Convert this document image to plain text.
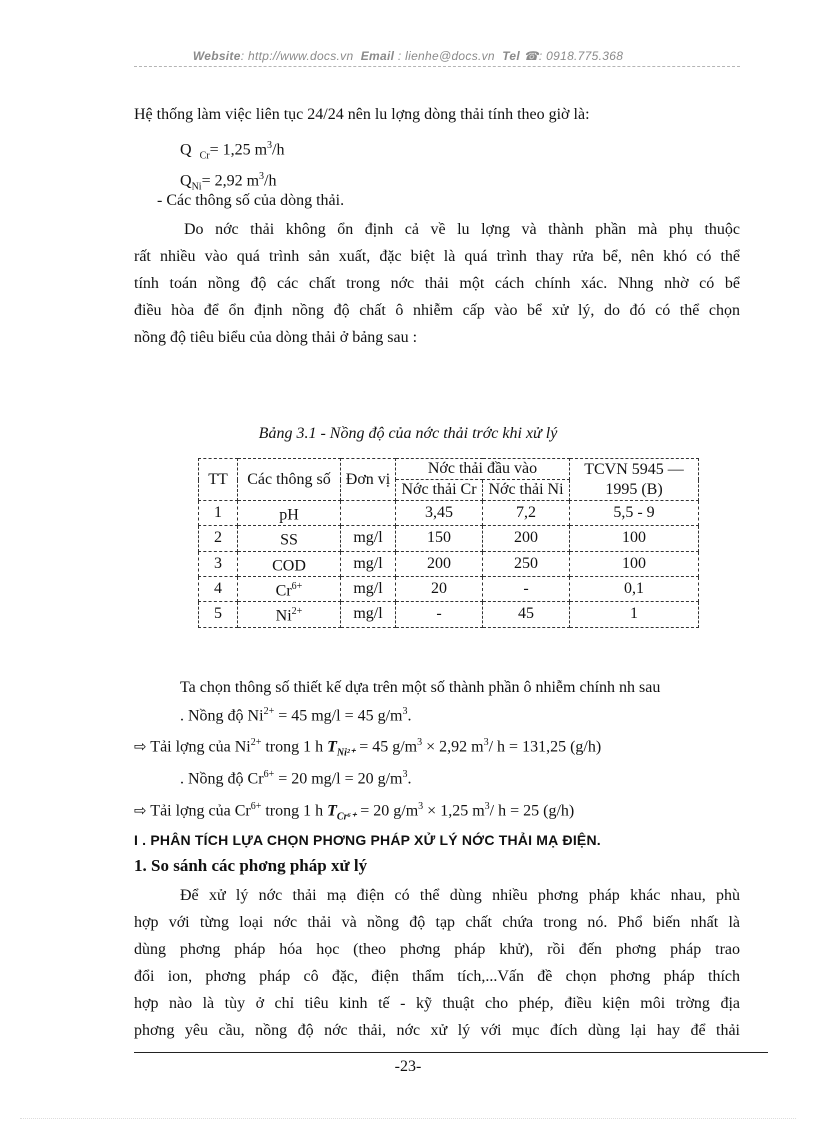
Website: http://www.docs.vn Email : lienhe@docs.vn Tel ☎: 0918.775.368
Hệ thống làm việc liên tục 24/24 nên lu lợng dòng thải tính theo giờ là:
Q $_{Cr}$= 1,25 $m^3/h$
$Q_{Ni}= 2,92$ $m^3/h$
- Các thông số của dòng thải.
Do nớc thải không ổn định cả về lu lợng và thành phần mà phụ thuộc
rất nhiều vào quá trình sản xuất, đặc biệt là quá trình thay rửa bể, nên khó có thể
tính toán nồng độ các chất trong nớc thải một cách chính xác. Nhng nhờ có bể
điều hòa để ổn định nồng độ chất ô nhiễm cấp vào bể xử lý, do đó có thể chọn
nồng độ tiêu biểu của dòng thải ở bảng sau :
Bảng 3.1 - Nồng độ của nớc thải trớc khi xử lý
TT	Các thông số	Đơn vị	Nớc thải đầu vào		TCVN 5945 — 1995 (B)
			Nớc thải Cr	Nớc thải Ni	
1	pH		3,45	7,2	5,5 - 9
2	SS	mg/l	150	200	100
3	COD	mg/l	200	250	100
4	$Cr^{6+}$	mg/l	20	-	0,1
5	$Ni^{2+}$	mg/l	-	45	1
Ta chọn thông số thiết kế dựa trên một số thành phần ô nhiễm chính nh sau
. Nồng độ $Ni^{2+} = 45$ mg/l = 45 $g/m^3$.
⇨ Tải lợng của $Ni^{2+}$ trong 1 h $T_{Ni^{2+}} = 45$ $g/m^3 \times 2,92$ $m^3/$ h = 131,25 (g/h)
. Nồng độ $Cr^{6+} = 20$ mg/l = 20 $g/m^3$.
⇨ Tải lợng của $Cr^{6+}$ trong 1 h $T_{Cr^{6+}} = 20$ $g/m^3 \times 1,25$ $m^3/$ h = 25 (g/h)
I . PHÂN TÍCH LỰA CHỌN PHƠNG PHÁP XỬ LÝ NỚC THẢI MẠ ĐIỆN.
1. So sánh các phơng pháp xử lý
Để xử lý nớc thải mạ điện có thể dùng nhiều phơng pháp khác nhau, phù
hợp với từng loại nớc thải và nồng độ tạp chất chứa trong nó. Phổ biến nhất là
dùng phơng pháp hóa học (theo phơng pháp khử), rồi đến phơng pháp trao
đổi ion, phơng pháp cô đặc, điện thẩm tích,...Vấn đề chọn phơng pháp thích
hợp nào là tùy ở chỉ tiêu kinh tế - kỹ thuật cho phép, điều kiện môi trờng địa
phơng yêu cầu, nồng độ nớc thải, nớc xử lý với mục đích dùng lại hay để thải
-23-
